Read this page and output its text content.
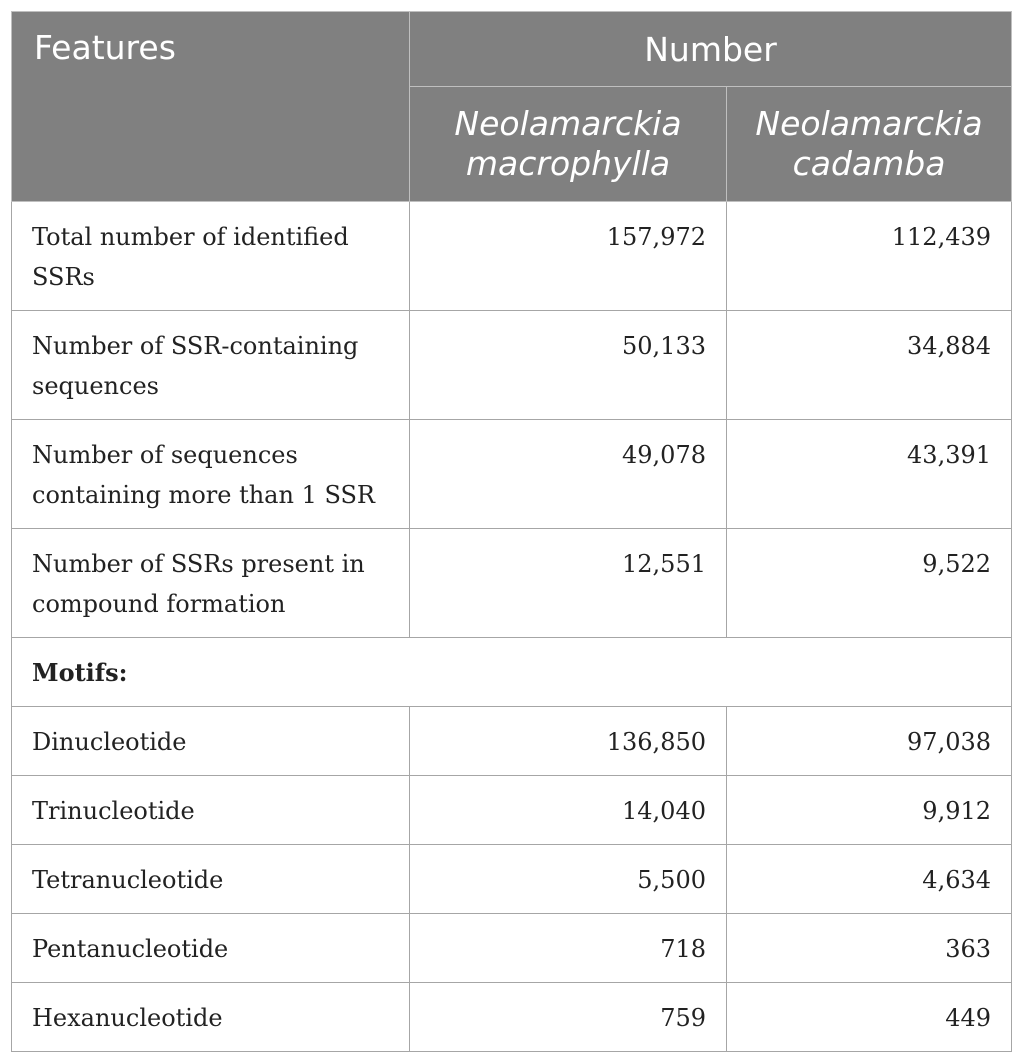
Features	Number	
	Neolamarckia macrophylla	Neolamarckia cadamba
Total number of identified SSRs	157,972	112,439
Number of SSR-containing sequences	50,133	34,884
Number of sequences containing more than 1 SSR	49,078	43,391
Number of SSRs present in compound formation	12,551	9,522
Motifs:		
Dinucleotide	136,850	97,038
Trinucleotide	14,040	9,912
Tetranucleotide	5,500	4,634
Pentanucleotide	718	363
Hexanucleotide	759	449
